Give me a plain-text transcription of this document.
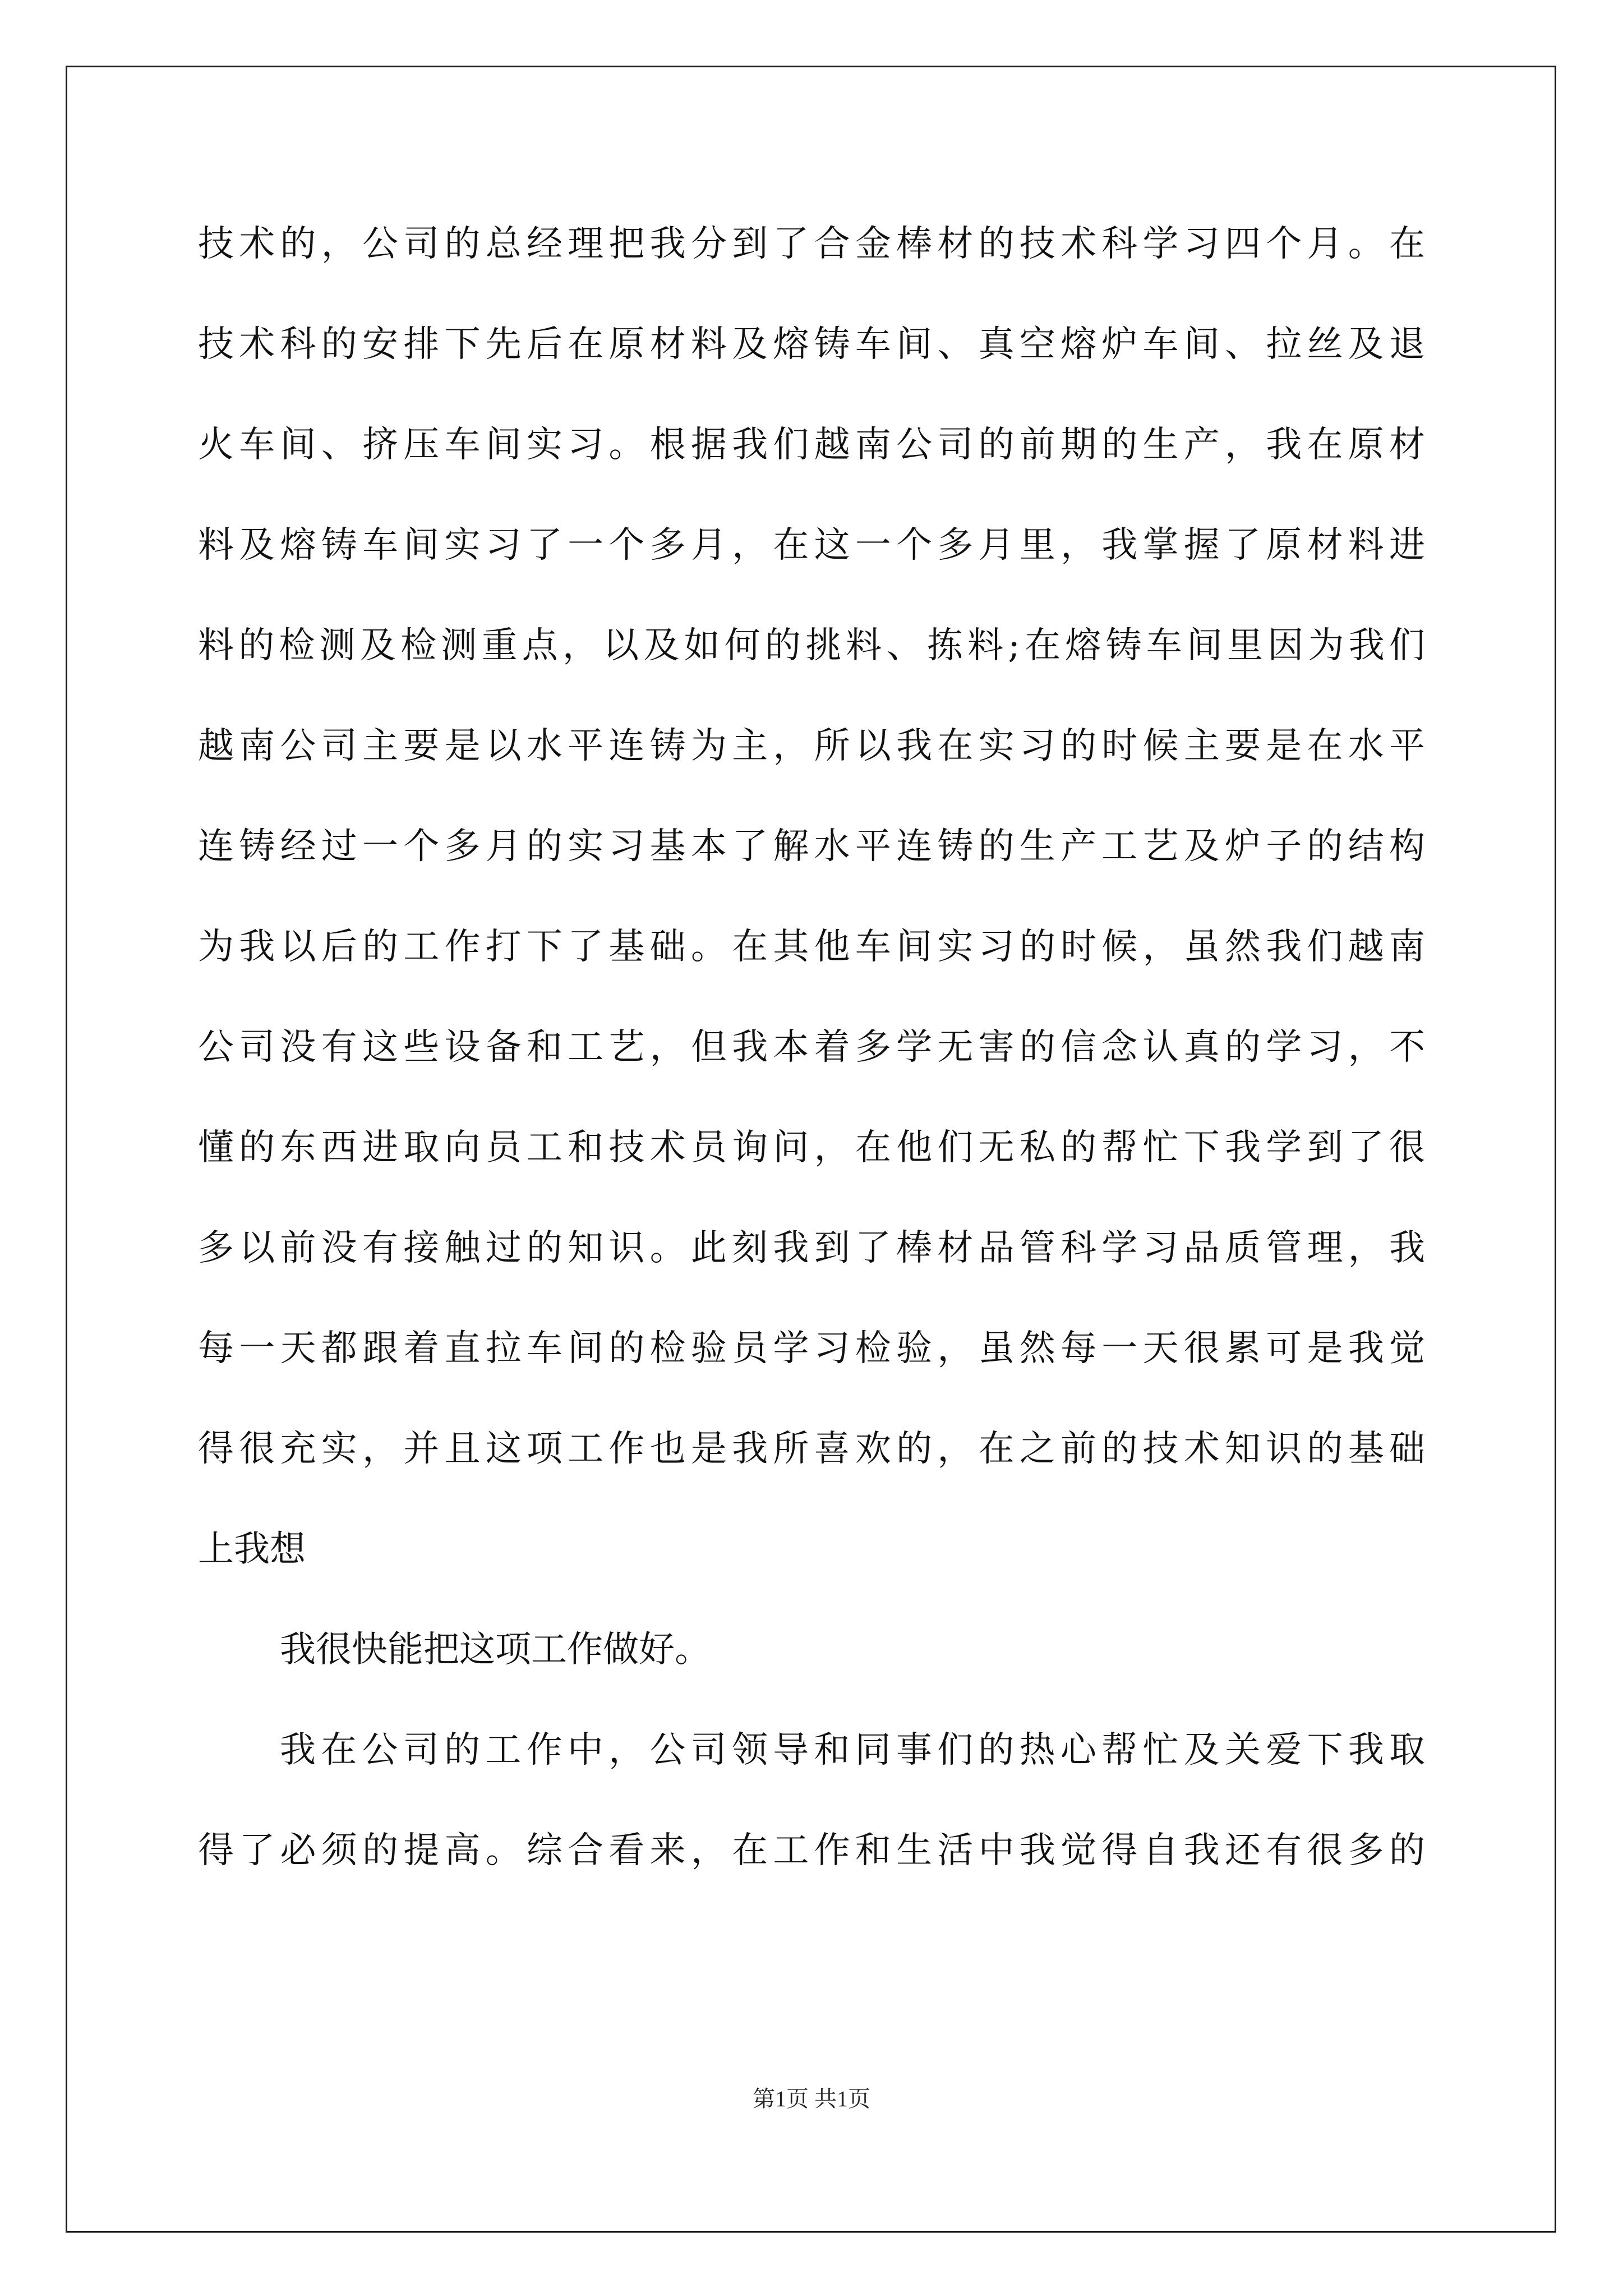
技术的，公司的总经理把我分到了合金棒材的技术科学习四个月。在
技术科的安排下先后在原材料及熔铸车间、真空熔炉车间、拉丝及退
火车间、挤压车间实习。根据我们越南公司的前期的生产，我在原材
料及熔铸车间实习了一个多月，在这一个多月里，我掌握了原材料进
料的检测及检测重点，以及如何的挑料、拣料;在熔铸车间里因为我们
越南公司主要是以水平连铸为主，所以我在实习的时候主要是在水平
连铸经过一个多月的实习基本了解水平连铸的生产工艺及炉子的结构
为我以后的工作打下了基础。在其他车间实习的时候，虽然我们越南
公司没有这些设备和工艺，但我本着多学无害的信念认真的学习，不
懂的东西进取向员工和技术员询问，在他们无私的帮忙下我学到了很
多以前没有接触过的知识。此刻我到了棒材品管科学习品质管理，我
每一天都跟着直拉车间的检验员学习检验，虽然每一天很累可是我觉
得很充实，并且这项工作也是我所喜欢的，在之前的技术知识的基础
上我想
我很快能把这项工作做好。
我在公司的工作中，公司领导和同事们的热心帮忙及关爱下我取
得了必须的提高。综合看来，在工作和生活中我觉得自我还有很多的
第1页 共1页
